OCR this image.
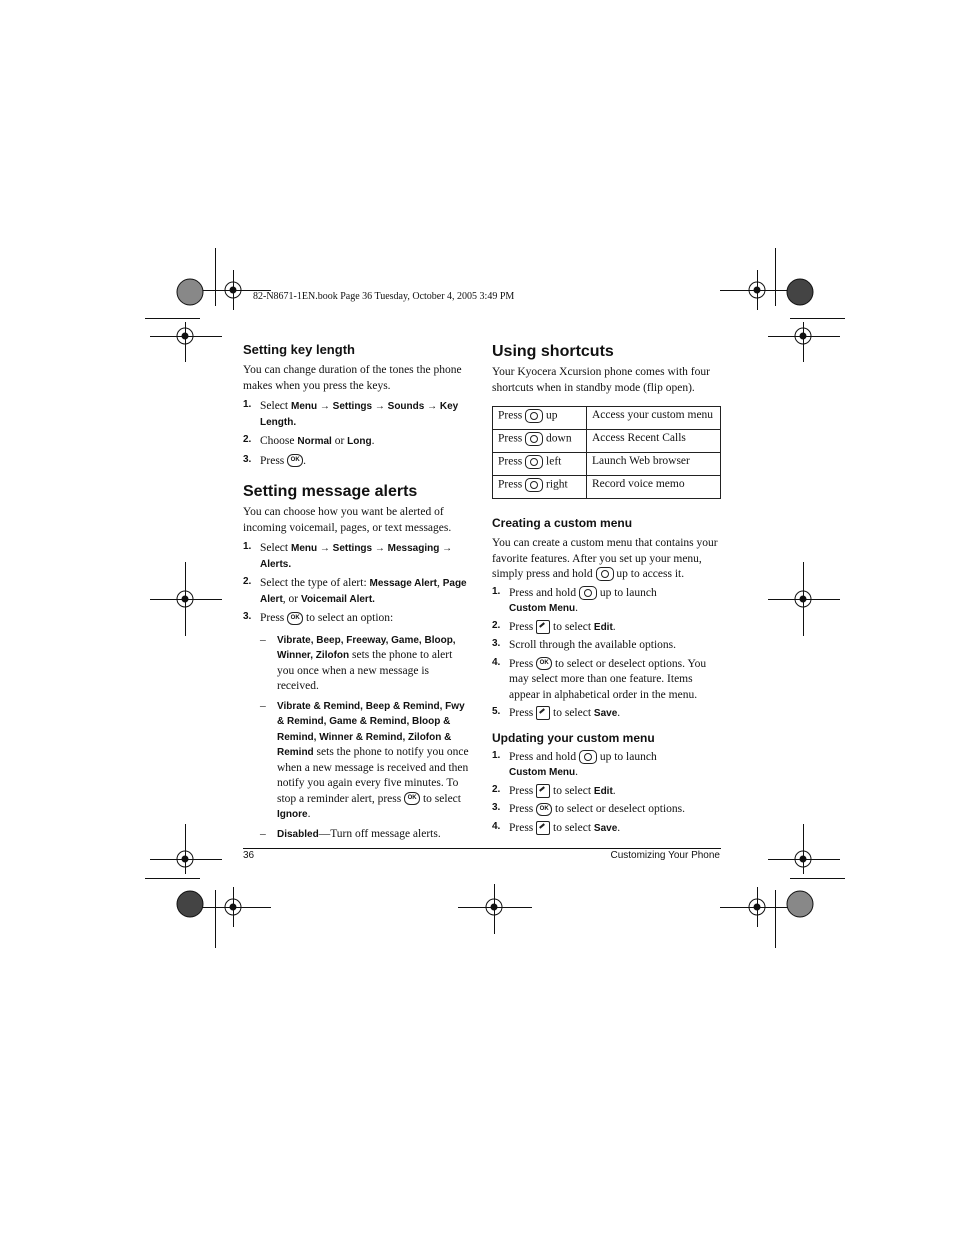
82-N8671-1EN.book Page 36 Tuesday, October 4, 2005 3:49 PM
Setting key length
You can change duration of the tones the phone makes when you press the keys.
1. Select Menu → Settings → Sounds → Key Length.
2. Choose Normal or Long.
3. Press OK .
Setting message alerts
You can choose how you want be alerted of incoming voicemail, pages, or text messages.
1. Select Menu → Settings → Messaging → Alerts.
2. Select the type of alert: Message Alert, Page Alert, or Voicemail Alert.
3. Press OK to select an option:
–	Vibrate, Beep, Freeway, Game, Bloop, Winner, Zilofon sets the phone to alert you once when a new message is received.
–	Vibrate & Remind, Beep & Remind, Fwy & Remind, Game & Remind, Bloop & Remind, Winner & Remind, Zilofon & Remind sets the phone to notify you once when a new message is received and then notify you again every five minutes. To stop a reminder alert, press OK to select Ignore.
–	Disabled—Turn off message alerts.
Using shortcuts
Your Kyocera Xcursion phone comes with four shortcuts when in standby mode (flip open).
Press up	Access your custom menu
Press down	Access Recent Calls
Press left	Launch Web browser
Press right	Record voice memo
Creating a custom menu
You can create a custom menu that contains your favorite features. After you set up your menu, simply press and hold up to access it.
1. Press and hold up to launch
Custom Menu.
2. Press to select Edit.
3. Scroll through the available options.
4. Press OK to select or deselect options. You may select more than one feature. Items appear in alphabetical order in the menu.
5. Press to select Save.
Updating your custom menu
1. Press and hold up to launch
Custom Menu.
2. Press to select Edit.
3. Press OK to select or deselect options.
4. Press to select Save.
36	Customizing Your Phone
